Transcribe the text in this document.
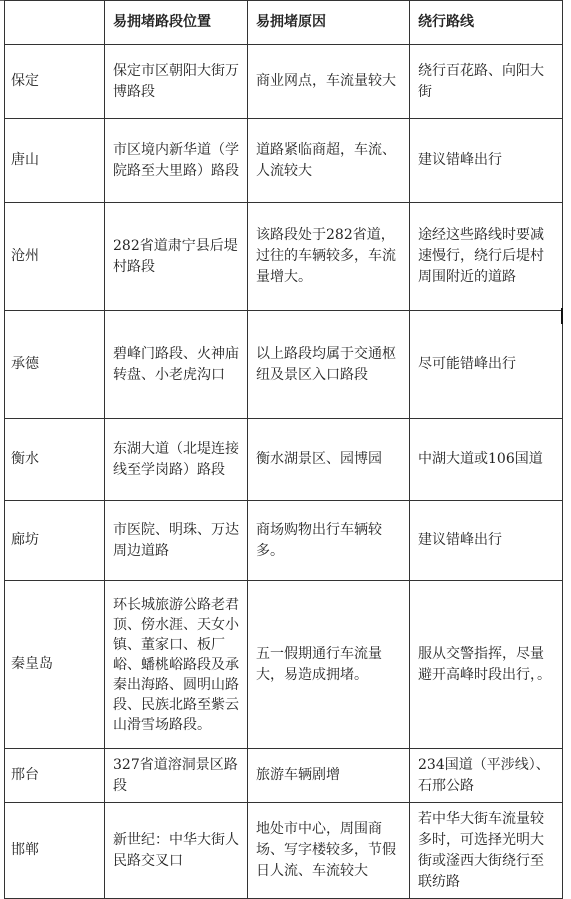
	易拥堵路段位置	易拥堵原因	绕行路线
保定	保定市区朝阳大街万博路段	商业网点，车流量较大	绕行百花路、向阳大街
唐山	市区境内新华道（学院路至大里路）路段	道路紧临商超，车流、人流较大	建议错峰出行
沧州	282省道肃宁县后堤村路段	该路段处于282省道，过往的车辆较多，车流量增大。	途经这些路线时要减速慢行，绕行后堤村周围附近的道路
承德	碧峰门路段、火神庙转盘、小老虎沟口	以上路段均属于交通枢纽及景区入口路段	尽可能错峰出行
衡水	东湖大道（北堤连接线至学岗路）路段	衡水湖景区、园博园	中湖大道或106国道
廊坊	市医院、明珠、万达周边道路	商场购物出行车辆较多。	建议错峰出行
秦皇岛	环长城旅游公路老君顶、傍水涯、天女小镇、董家口、板厂峪、蟠桃峪路段及承秦出海路、圆明山路段、民族北路至紫云山滑雪场路段。	五一假期通行车流量大，易造成拥堵。	服从交警指挥，尽量避开高峰时段出行，。
邢台	327省道溶洞景区路段	旅游车辆剧增	234国道（平涉线）、石邢公路
邯郸	新世纪：中华大街人民路交叉口	地处市中心，周围商场、写字楼较多，节假日人流、车流较大	若中华大街车流量较多时，可选择光明大街或滏西大街绕行至联纺路
